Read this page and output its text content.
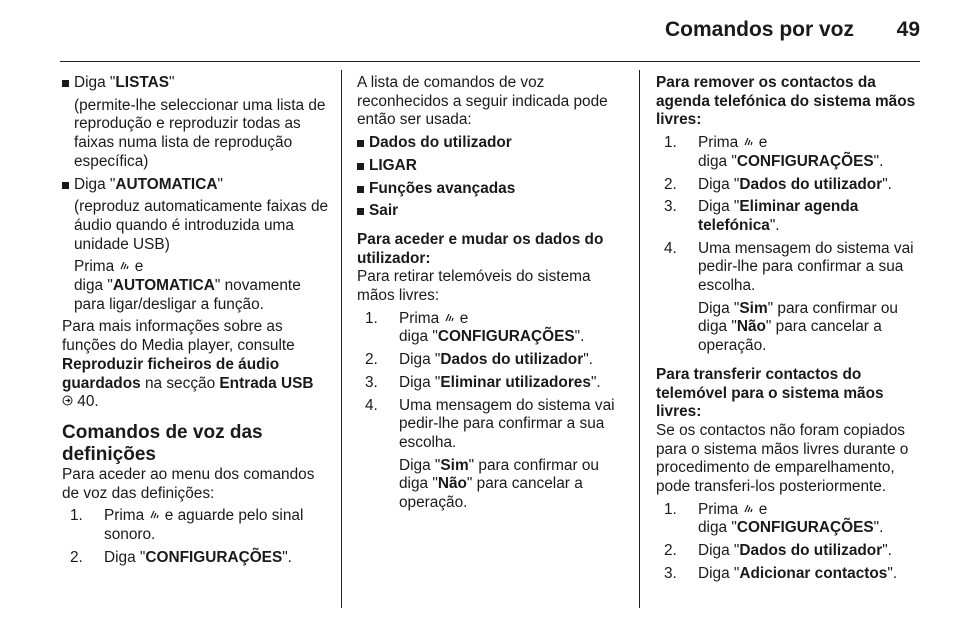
Comandos por voz 49

Diga "LISTAS"

(permite-lhe seleccionar uma lista de reprodução e reproduzir todas as faixas numa lista de reprodução específica)

Diga "AUTOMATICA"

(reproduz automaticamente faixas de áudio quando é introduzida uma unidade USB)

Prima e
diga "AUTOMATICA" novamente para ligar/desligar a função.

Para mais informações sobre as funções do Media player, consulte Reproduzir ficheiros de áudio guardados na secção Entrada USB
40.

Comandos de voz das definições

Para aceder ao menu dos comandos de voz das definições:

1. Prima e aguarde pelo sinal sonoro.

2. Diga "CONFIGURAÇÕES".

A lista de comandos de voz reconhecidos a seguir indicada pode então ser usada:

Dados do utilizador

LIGAR

Funções avançadas

Sair

Para aceder e mudar os dados do utilizador:

Para retirar telemóveis do sistema mãos livres:

1. Prima e
diga "CONFIGURAÇÕES".

2. Diga "Dados do utilizador".

3. Diga "Eliminar utilizadores".

4. Uma mensagem do sistema vai pedir-lhe para confirmar a sua escolha.
Diga "Sim" para confirmar ou diga "Não" para cancelar a operação.

Para remover os contactos da agenda telefónica do sistema mãos livres:

1. Prima e
diga "CONFIGURAÇÕES".

2. Diga "Dados do utilizador".

3. Diga "Eliminar agenda telefónica".

4. Uma mensagem do sistema vai pedir-lhe para confirmar a sua escolha.
Diga "Sim" para confirmar ou diga "Não" para cancelar a operação.

Para transferir contactos do telemóvel para o sistema mãos livres:

Se os contactos não foram copiados para o sistema mãos livres durante o procedimento de emparelhamento, pode transferi-los posteriormente.

1. Prima e
diga "CONFIGURAÇÕES".

2. Diga "Dados do utilizador".

3. Diga "Adicionar contactos".
